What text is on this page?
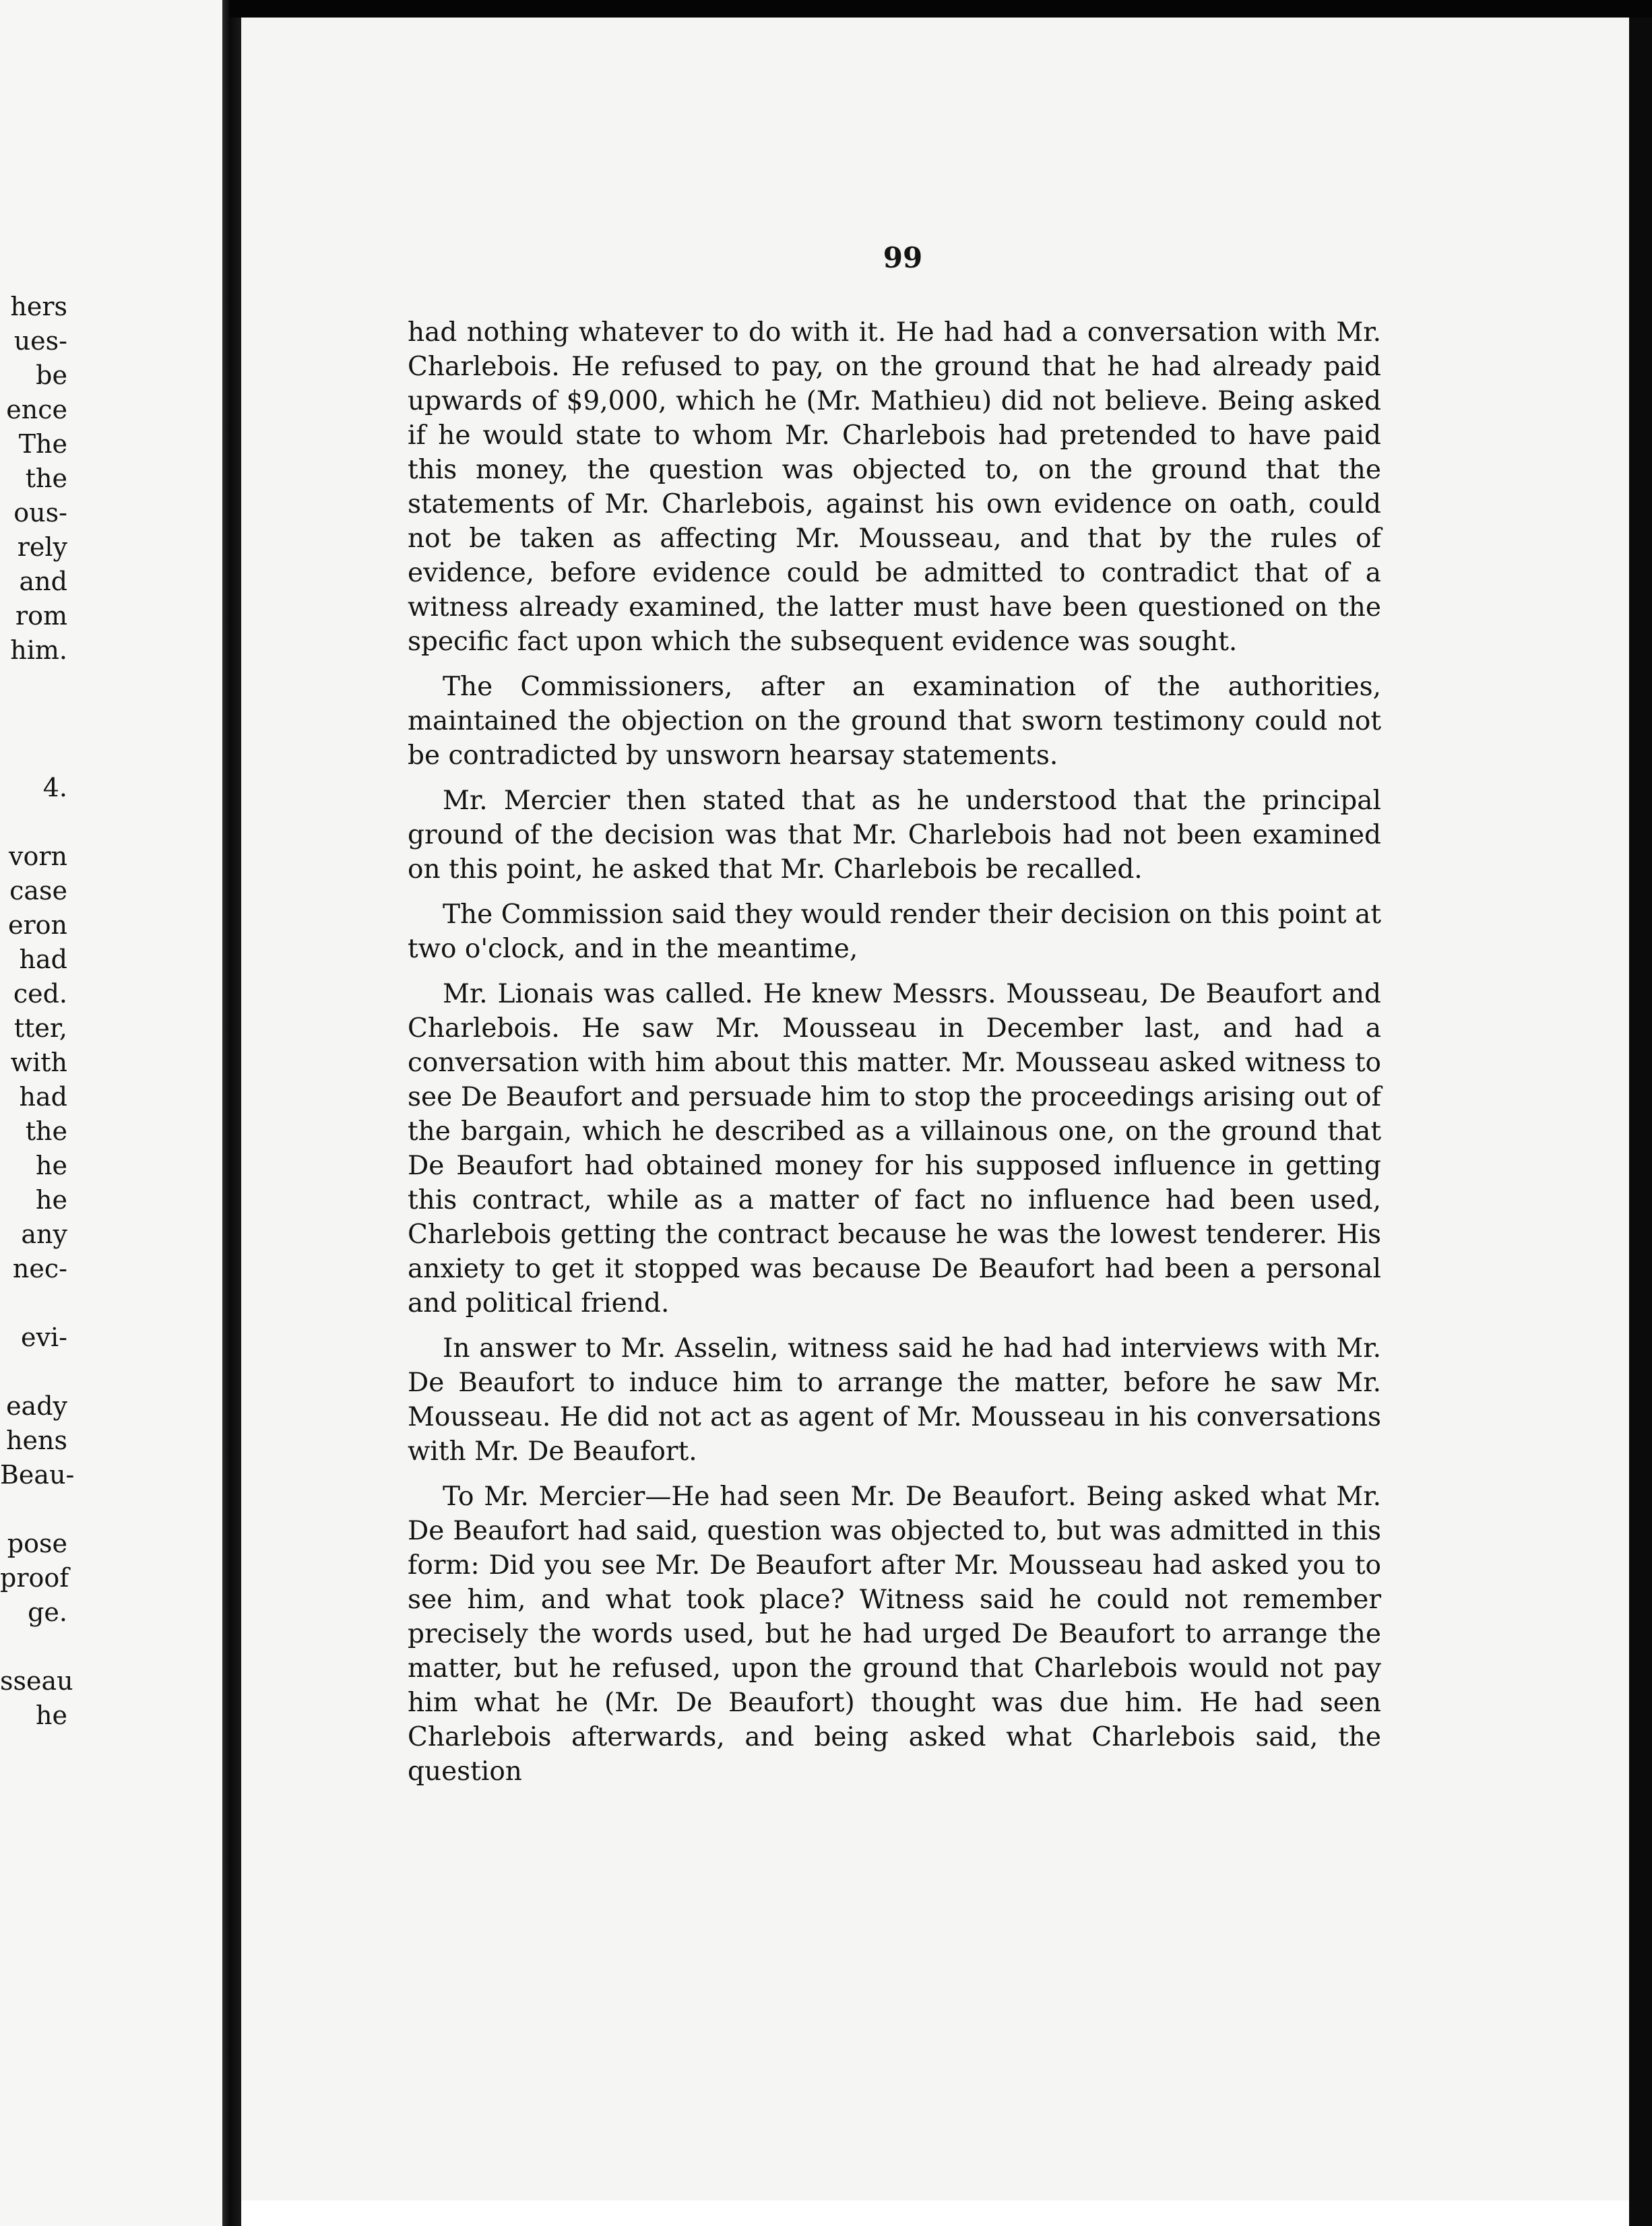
hers
ues-
be
ence
The
the
ous-
rely
and
rom
him.
4.
vorn
case
eron
had
ced.
tter,
with
had
the
he
he
any
nec-
evi-
eady
hens
Beau-
pose
proof
ge.
sseau
he
99

had nothing whatever to do with it. He had had a conversation with Mr. Charlebois. He refused to pay, on the ground that he had already paid upwards of $9,000, which he (Mr. Mathieu) did not believe. Being asked if he would state to whom Mr. Charlebois had pretended to have paid this money, the question was objected to, on the ground that the statements of Mr. Charlebois, against his own evidence on oath, could not be taken as affecting Mr. Mousseau, and that by the rules of evidence, before evidence could be admitted to contradict that of a witness already examined, the latter must have been questioned on the specific fact upon which the subsequent evidence was sought.

The Commissioners, after an examination of the authorities, maintained the objection on the ground that sworn testimony could not be contradicted by unsworn hearsay statements.

Mr. Mercier then stated that as he understood that the principal ground of the decision was that Mr. Charlebois had not been examined on this point, he asked that Mr. Charlebois be recalled.

The Commission said they would render their decision on this point at two o'clock, and in the meantime,

Mr. Lionais was called. He knew Messrs. Mousseau, De Beaufort and Charlebois. He saw Mr. Mousseau in December last, and had a conversation with him about this matter. Mr. Mousseau asked witness to see De Beaufort and persuade him to stop the proceedings arising out of the bargain, which he described as a villainous one, on the ground that De Beaufort had obtained money for his supposed influence in getting this contract, while as a matter of fact no influence had been used, Charlebois getting the contract because he was the lowest tenderer. His anxiety to get it stopped was because De Beaufort had been a personal and political friend.

In answer to Mr. Asselin, witness said he had had interviews with Mr. De Beaufort to induce him to arrange the matter, before he saw Mr. Mousseau. He did not act as agent of Mr. Mousseau in his conversations with Mr. De Beaufort.

To Mr. Mercier—He had seen Mr. De Beaufort. Being asked what Mr. De Beaufort had said, question was objected to, but was admitted in this form: Did you see Mr. De Beaufort after Mr. Mousseau had asked you to see him, and what took place? Witness said he could not remember precisely the words used, but he had urged De Beaufort to arrange the matter, but he refused, upon the ground that Charlebois would not pay him what he (Mr. De Beaufort) thought was due him. He had seen Charlebois afterwards, and being asked what Charlebois said, the question
